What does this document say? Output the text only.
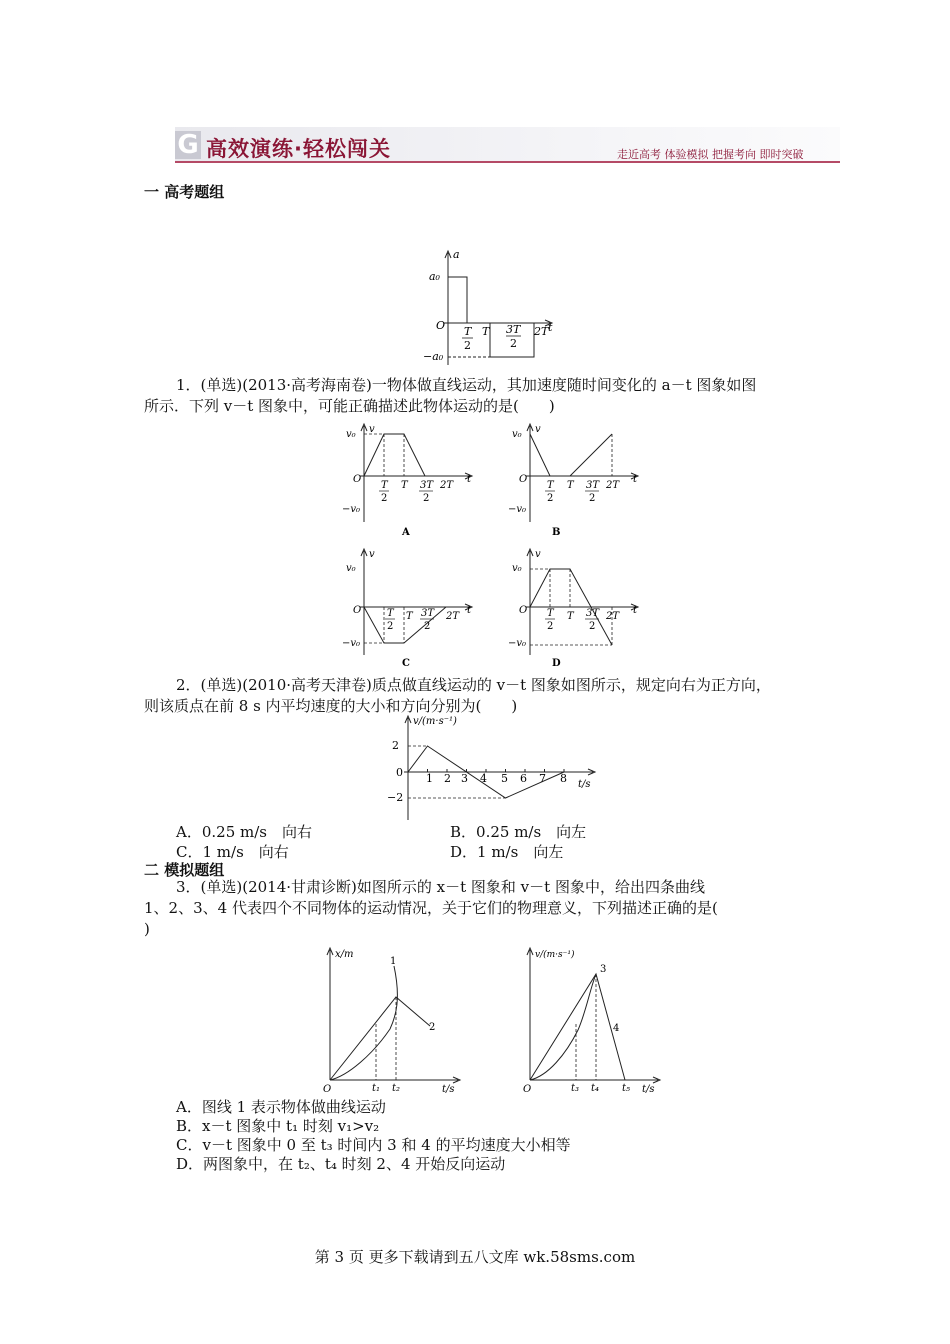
G 高效演练·轻松闯关	走近高考 体验模拟 把握考向 即时突破
一 高考题组
a
a₀
−a₀
O	t
T
2
T 3T
2
2T
1．(单选)(2013·高考海南卷)一物体做直线运动，其加速度随时间变化的 a－t 图象如图
所示．下列 v－t 图象中，可能正确描述此物体运动的是(　　)
v
v₀
−v₀
O	t
T
2
T 3T
2
2T
A
v
v₀
−v₀
O	t
T
2
T 3T
2
2T
B
v
v₀
−v₀
O	t
T
2
T 3T
2
2T
C
v
v₀
−v₀
O	t
T
2
T 3T
2
2T
D
2．(单选)(2010·高考天津卷)质点做直线运动的 v－t 图象如图所示，规定向右为正方向，
则该质点在前 8 s 内平均速度的大小和方向分别为(　　)
v/(m·s⁻¹)
t/s
2
0
−2
1 2 3 4 5 6 7 8
A．0.25 m/s　向右	B．0.25 m/s　向左
C．1 m/s　向右	D．1 m/s　向左
二 模拟题组
3．(单选)(2014·甘肃诊断)如图所示的 x－t 图象和 v－t 图象中，给出四条曲线
1、2、3、4 代表四个不同物体的运动情况，关于它们的物理意义，下列描述正确的是(
)
x/m
O	t/s
t₁ t₂
1
2
v/(m·s⁻¹)
O	t/s
t₃ t₄ t₅
3
4
A．图线 1 表示物体做曲线运动
B．x－t 图象中 t₁ 时刻 v₁>v₂
C．v－t 图象中 0 至 t₃ 时间内 3 和 4 的平均速度大小相等
D．两图象中，在 t₂、t₄ 时刻 2、4 开始反向运动
第 3 页 更多下载请到五八文库 wk.58sms.com
